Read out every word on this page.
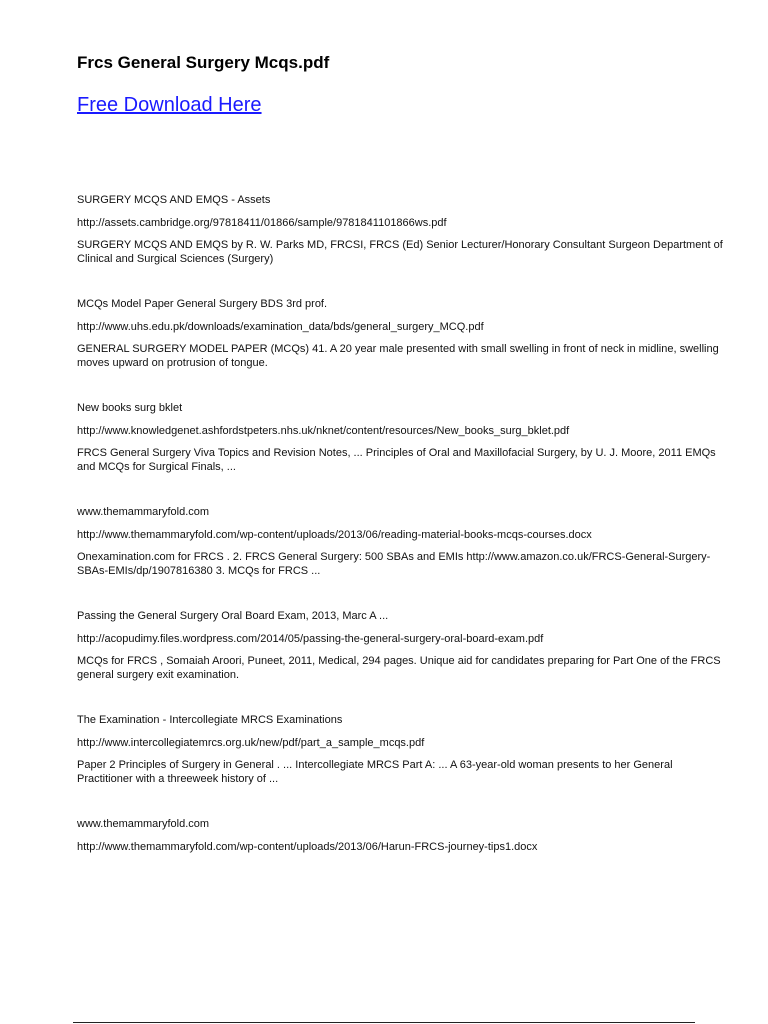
Frcs General Surgery Mcqs.pdf
Free Download Here

SURGERY MCQS AND EMQS - Assets

http://assets.cambridge.org/97818411/01866/sample/9781841101866ws.pdf

SURGERY MCQS AND EMQS by R. W. Parks MD, FRCSI, FRCS (Ed) Senior Lecturer/Honorary Consultant Surgeon Department of Clinical and Surgical Sciences (Surgery)

MCQs Model Paper General Surgery BDS 3rd prof.

http://www.uhs.edu.pk/downloads/examination_data/bds/general_surgery_MCQ.pdf

GENERAL SURGERY MODEL PAPER (MCQs) 41. A 20 year male presented with small swelling in front of neck in midline, swelling moves upward on protrusion of tongue.

New books surg bklet

http://www.knowledgenet.ashfordstpeters.nhs.uk/nknet/content/resources/New_books_surg_bklet.pdf

FRCS General Surgery Viva Topics and Revision Notes, ... Principles of Oral and Maxillofacial Surgery, by U. J. Moore, 2011 EMQs and MCQs for Surgical Finals, ...

www.themammaryfold.com

http://www.themammaryfold.com/wp-content/uploads/2013/06/reading-material-books-mcqs-courses.docx

Onexamination.com for FRCS . 2. FRCS General Surgery: 500 SBAs and EMIs http://www.amazon.co.uk/FRCS-General-Surgery-SBAs-EMIs/dp/1907816380 3. MCQs for FRCS ...

Passing the General Surgery Oral Board Exam, 2013, Marc A ...

http://acopudimy.files.wordpress.com/2014/05/passing-the-general-surgery-oral-board-exam.pdf

MCQs for FRCS , Somaiah Aroori, Puneet, 2011, Medical, 294 pages. Unique aid for candidates preparing for Part One of the FRCS general surgery exit examination.

The Examination - Intercollegiate MRCS Examinations

http://www.intercollegiatemrcs.org.uk/new/pdf/part_a_sample_mcqs.pdf

Paper 2 Principles of Surgery in General . ... Intercollegiate MRCS Part A: ... A 63-year-old woman presents to her General Practitioner with a threeweek history of ...

www.themammaryfold.com

http://www.themammaryfold.com/wp-content/uploads/2013/06/Harun-FRCS-journey-tips1.docx
